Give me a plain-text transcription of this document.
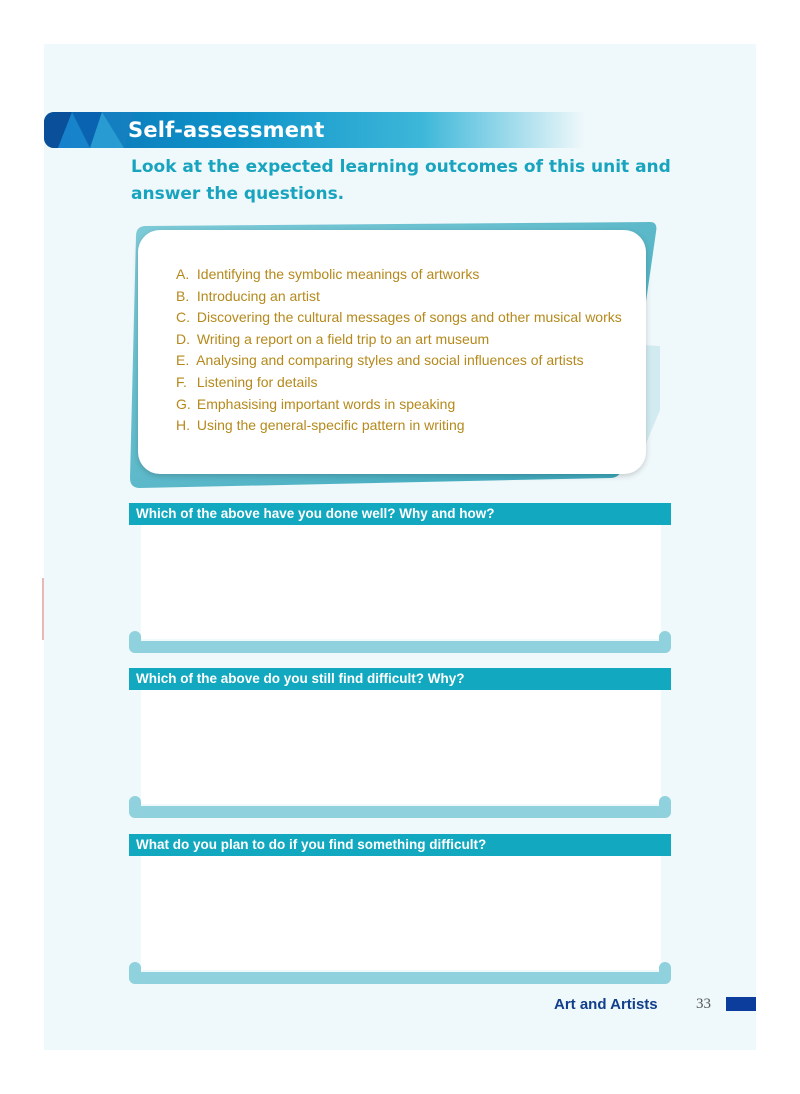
Self-assessment
Look at the expected learning outcomes of this unit and answer the questions.
A. Identifying the symbolic meanings of artworks
B. Introducing an artist
C. Discovering the cultural messages of songs and other musical works
D. Writing a report on a field trip to an art museum
E. Analysing and comparing styles and social influences of artists
F. Listening for details
G. Emphasising important words in speaking
H. Using the general-specific pattern in writing
Which of the above have you done well? Why and how?
Which of the above do you still find difficult? Why?
What do you plan to do if you find something difficult?
Art and Artists	33
